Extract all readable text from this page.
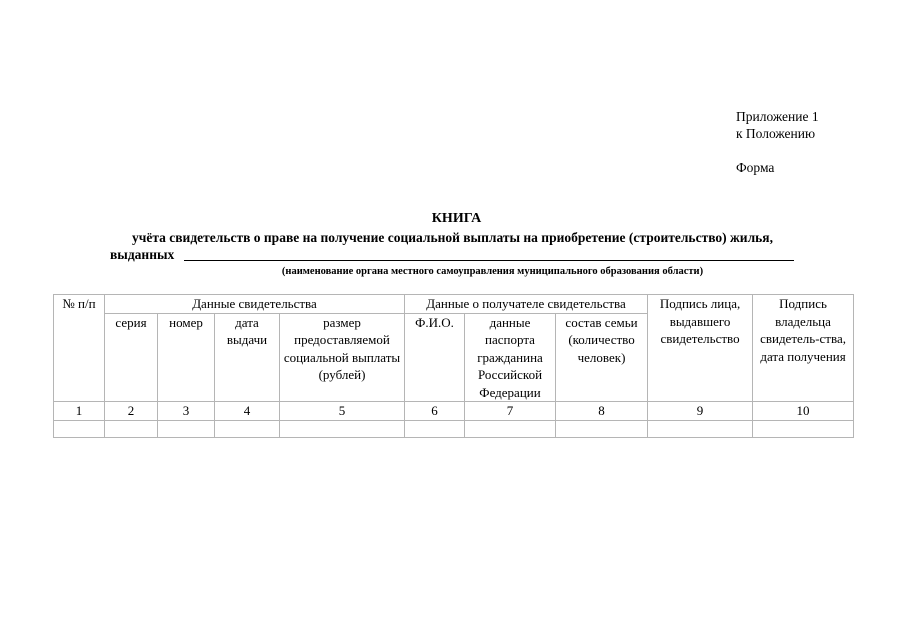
Приложение 1
к Положению
Форма
КНИГА
учёта свидетельств о праве на получение социальной выплаты на приобретение (строительство) жилья,
выданных
(наименование органа местного самоуправления муниципального образования области)
№ п/п	Данные свидетельства				Данные о получателе свидетельства			Подпись лица, выдавшего свидетельство	Подпись владельца свидетель-ства, дата получения
	серия	номер	дата выдачи	размер предоставляемой социальной выплаты (рублей)	Ф.И.О.	данные паспорта гражданина Российской Федерации	состав семьи (количество человек)		
1	2	3	4	5	6	7	8	9	10
